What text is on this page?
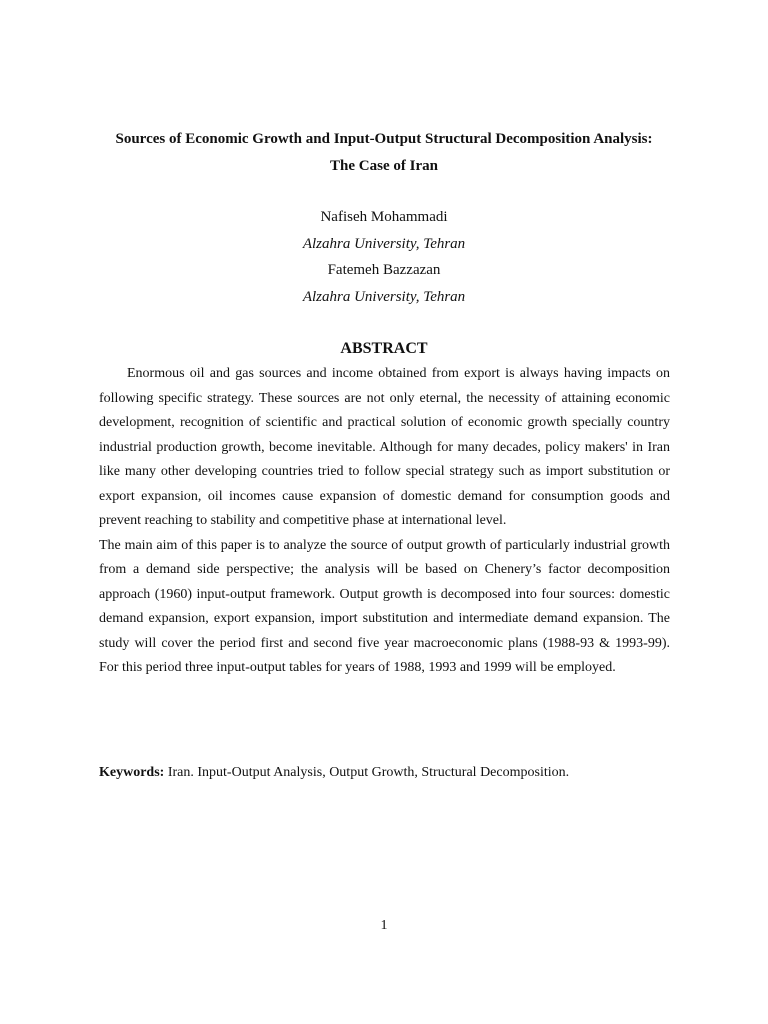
Sources of Economic Growth and Input-Output Structural Decomposition Analysis:
The Case of Iran
Nafiseh Mohammadi
Alzahra University, Tehran
Fatemeh Bazzazan
Alzahra University, Tehran
ABSTRACT

Enormous oil and gas sources and income obtained from export is always having impacts on following specific strategy. These sources are not only eternal, the necessity of attaining economic development, recognition of scientific and practical solution of economic growth specially country industrial production growth, become inevitable. Although for many decades, policy makers' in Iran like many other developing countries tried to follow special strategy such as import substitution or export expansion, oil incomes cause expansion of domestic demand for consumption goods and prevent reaching to stability and competitive phase at international level.

The main aim of this paper is to analyze the source of output growth of particularly industrial growth from a demand side perspective; the analysis will be based on Chenery’s factor decomposition approach (1960) input-output framework. Output growth is decomposed into four sources: domestic demand expansion, export expansion, import substitution and intermediate demand expansion. The study will cover the period first and second five year macroeconomic plans (1988-93 & 1993-99). For this period three input-output tables for years of 1988, 1993 and 1999 will be employed.

Keywords: Iran. Input-Output Analysis, Output Growth, Structural Decomposition.
1
